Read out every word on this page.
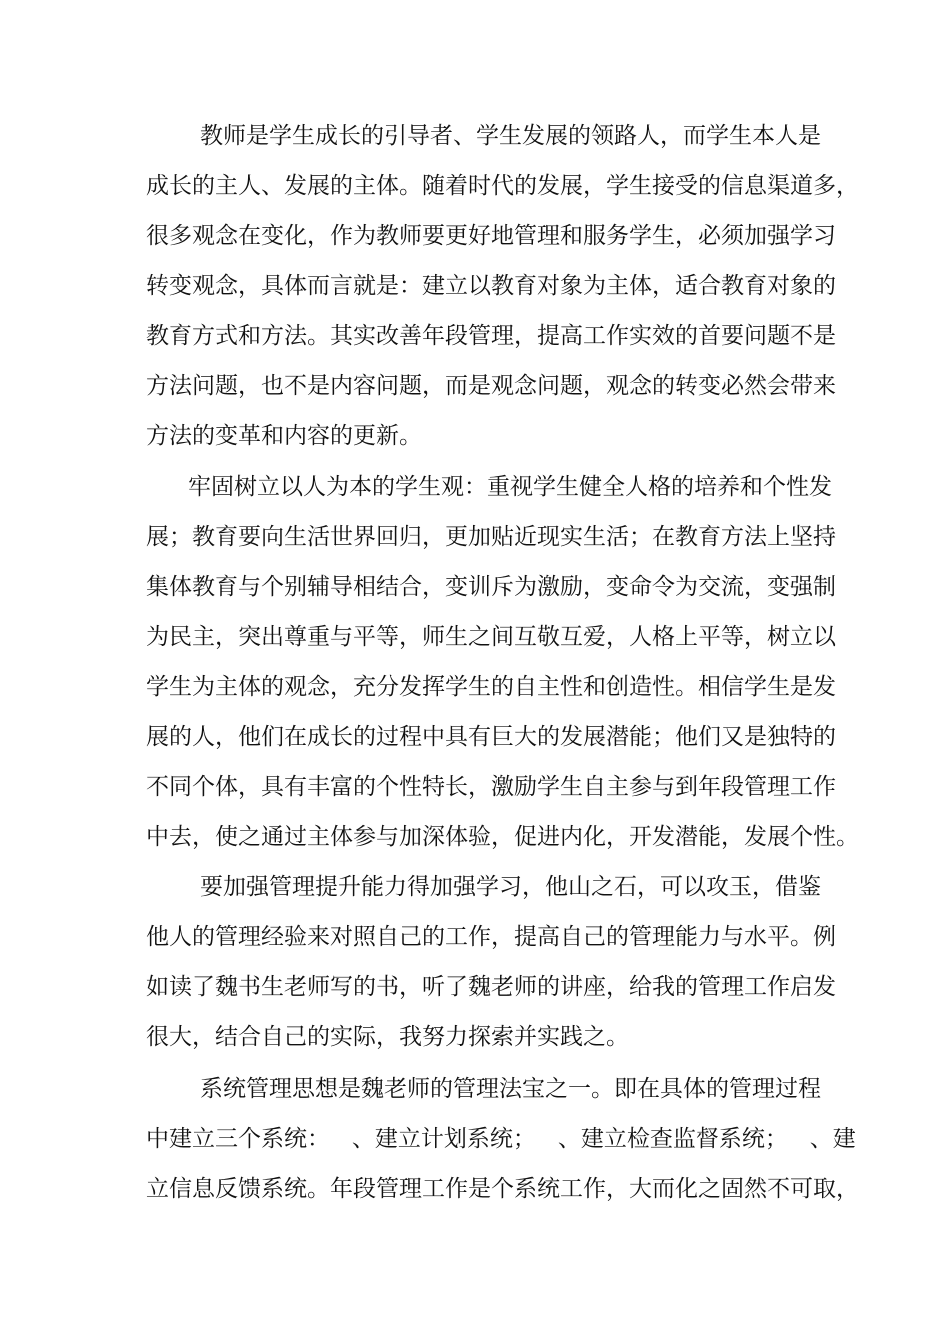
教师是学生成长的引导者、学生发展的领路人，而学生本人是
成长的主人、发展的主体。随着时代的发展，学生接受的信息渠道多，
很多观念在变化，作为教师要更好地管理和服务学生，必须加强学习
转变观念，具体而言就是：建立以教育对象为主体，适合教育对象的
教育方式和方法。其实改善年段管理，提高工作实效的首要问题不是
方法问题，也不是内容问题，而是观念问题，观念的转变必然会带来
方法的变革和内容的更新。
牢固树立以人为本的学生观：重视学生健全人格的培养和个性发
展；教育要向生活世界回归，更加贴近现实生活；在教育方法上坚持
集体教育与个别辅导相结合，变训斥为激励，变命令为交流，变强制
为民主，突出尊重与平等，师生之间互敬互爱，人格上平等，树立以
学生为主体的观念，充分发挥学生的自主性和创造性。相信学生是发
展的人，他们在成长的过程中具有巨大的发展潜能；他们又是独特的
不同个体，具有丰富的个性特长，激励学生自主参与到年段管理工作
中去，使之通过主体参与加深体验，促进内化，开发潜能，发展个性。
要加强管理提升能力得加强学习，他山之石，可以攻玉，借鉴
他人的管理经验来对照自己的工作，提高自己的管理能力与水平。例
如读了魏书生老师写的书，听了魏老师的讲座，给我的管理工作启发
很大，结合自己的实际，我努力探索并实践之。
系统管理思想是魏老师的管理法宝之一。即在具体的管理过程
中建立三个系统：   、建立计划系统；   、建立检查监督系统；   、建
立信息反馈系统。年段管理工作是个系统工作，大而化之固然不可取，
